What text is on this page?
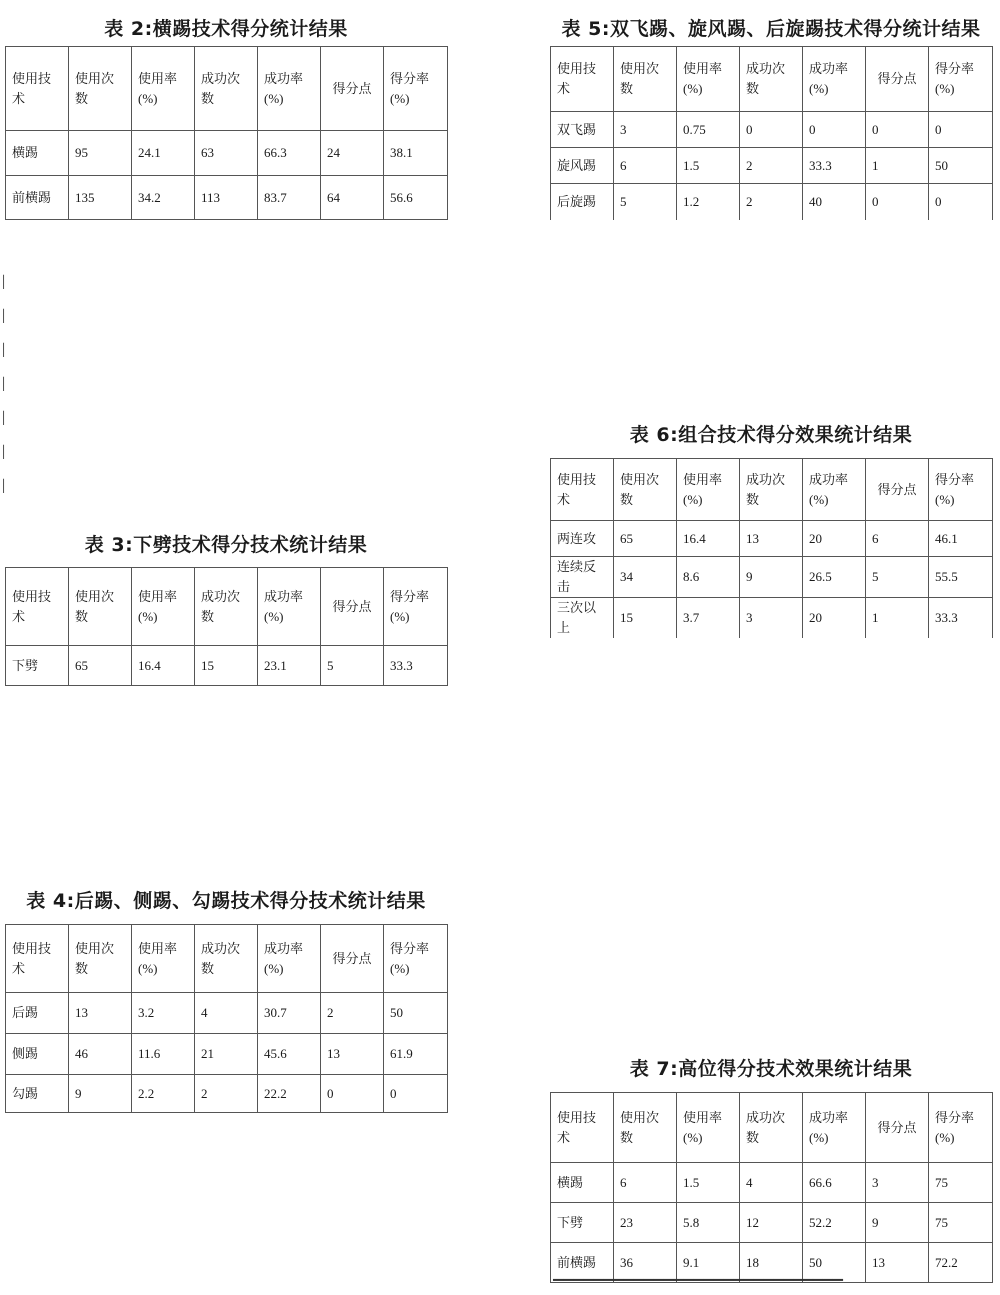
表 2:横踢技术得分统计结果
使用技术	使用次数	使用率(%)	成功次数	成功率(%)	得分点	得分率(%)
横踢	95	24.1	63	66.3	24	38.1
前横踢	135	34.2	113	83.7	64	56.6
表 3:下劈技术得分技术统计结果
使用技术	使用次数	使用率(%)	成功次数	成功率(%)	得分点	得分率(%)
下劈	65	16.4	15	23.1	5	33.3
表 4:后踢、侧踢、勾踢技术得分技术统计结果
使用技术	使用次数	使用率(%)	成功次数	成功率(%)	得分点	得分率(%)
后踢	13	3.2	4	30.7	2	50
侧踢	46	11.6	21	45.6	13	61.9
勾踢	9	2.2	2	22.2	0	0
表 5:双飞踢、旋风踢、后旋踢技术得分统计结果
使用技术	使用次数	使用率(%)	成功次数	成功率(%)	得分点	得分率(%)
双飞踢	3	0.75	0	0	0	0
旋风踢	6	1.5	2	33.3	1	50
后旋踢	5	1.2	2	40	0	0
表 6:组合技术得分效果统计结果
使用技术	使用次数	使用率(%)	成功次数	成功率(%)	得分点	得分率(%)
两连攻	65	16.4	13	20	6	46.1
连续反击	34	8.6	9	26.5	5	55.5
三次以上	15	3.7	3	20	1	33.3
表 7:高位得分技术效果统计结果
使用技术	使用次数	使用率(%)	成功次数	成功率(%)	得分点	得分率(%)
横踢	6	1.5	4	66.6	3	75
下劈	23	5.8	12	52.2	9	75
前横踢	36	9.1	18	50	13	72.2
│
│
│
│
│
│
│
▔▔▔▔▔▔▔▔▔▔▔▔▔▔▔▔▔▔▔▔▔▔▔▔▔▔▔▔▔
